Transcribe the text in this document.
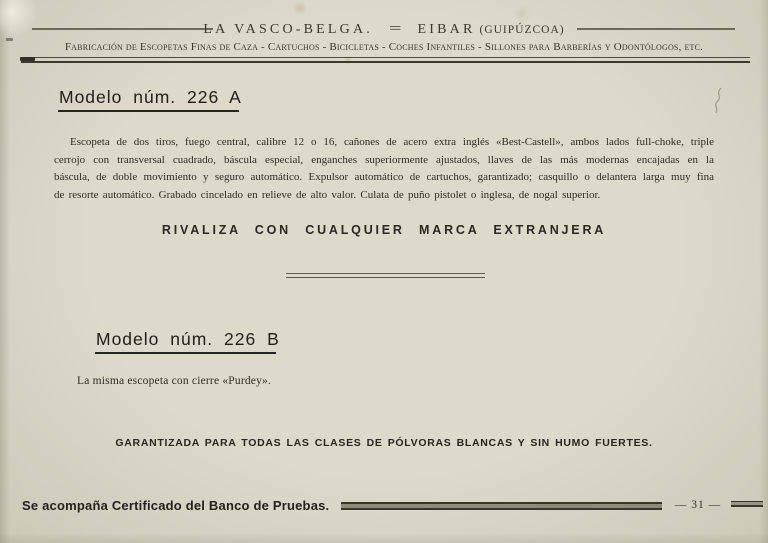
LA VASCO-BELGA. = EIBAR (GUIPÚZCOA)
Fabricación de Escopetas Finas de Caza - Cartuchos - Bicicletas - Coches Infantiles - Sillones para Barberías y Odontólogos, etc.
Modelo núm. 226 A
Escopeta de dos tiros, fuego central, calibre 12 o 16, cañones de acero extra inglés «Best-Castell», ambos lados full-choke, triple
cerrojo con transversal cuadrado, báscula especial, enganches superiormente ajustados, llaves de las más modernas encajadas en la
báscula, de doble movimiento y seguro automático. Expulsor automático de cartuchos, garantizado; casquillo o delantera larga muy fina
de resorte automático. Grabado cincelado en relieve de alto valor. Culata de puño pistolet o inglesa, de nogal superior.
RIVALIZA CON CUALQUIER MARCA EXTRANJERA
Modelo núm. 226 B
La misma escopeta con cierre «Purdey».
GARANTIZADA PARA TODAS LAS CLASES DE PÓLVORAS BLANCAS Y SIN HUMO FUERTES.
Se acompaña Certificado del Banco de Pruebas.	— 31 —
